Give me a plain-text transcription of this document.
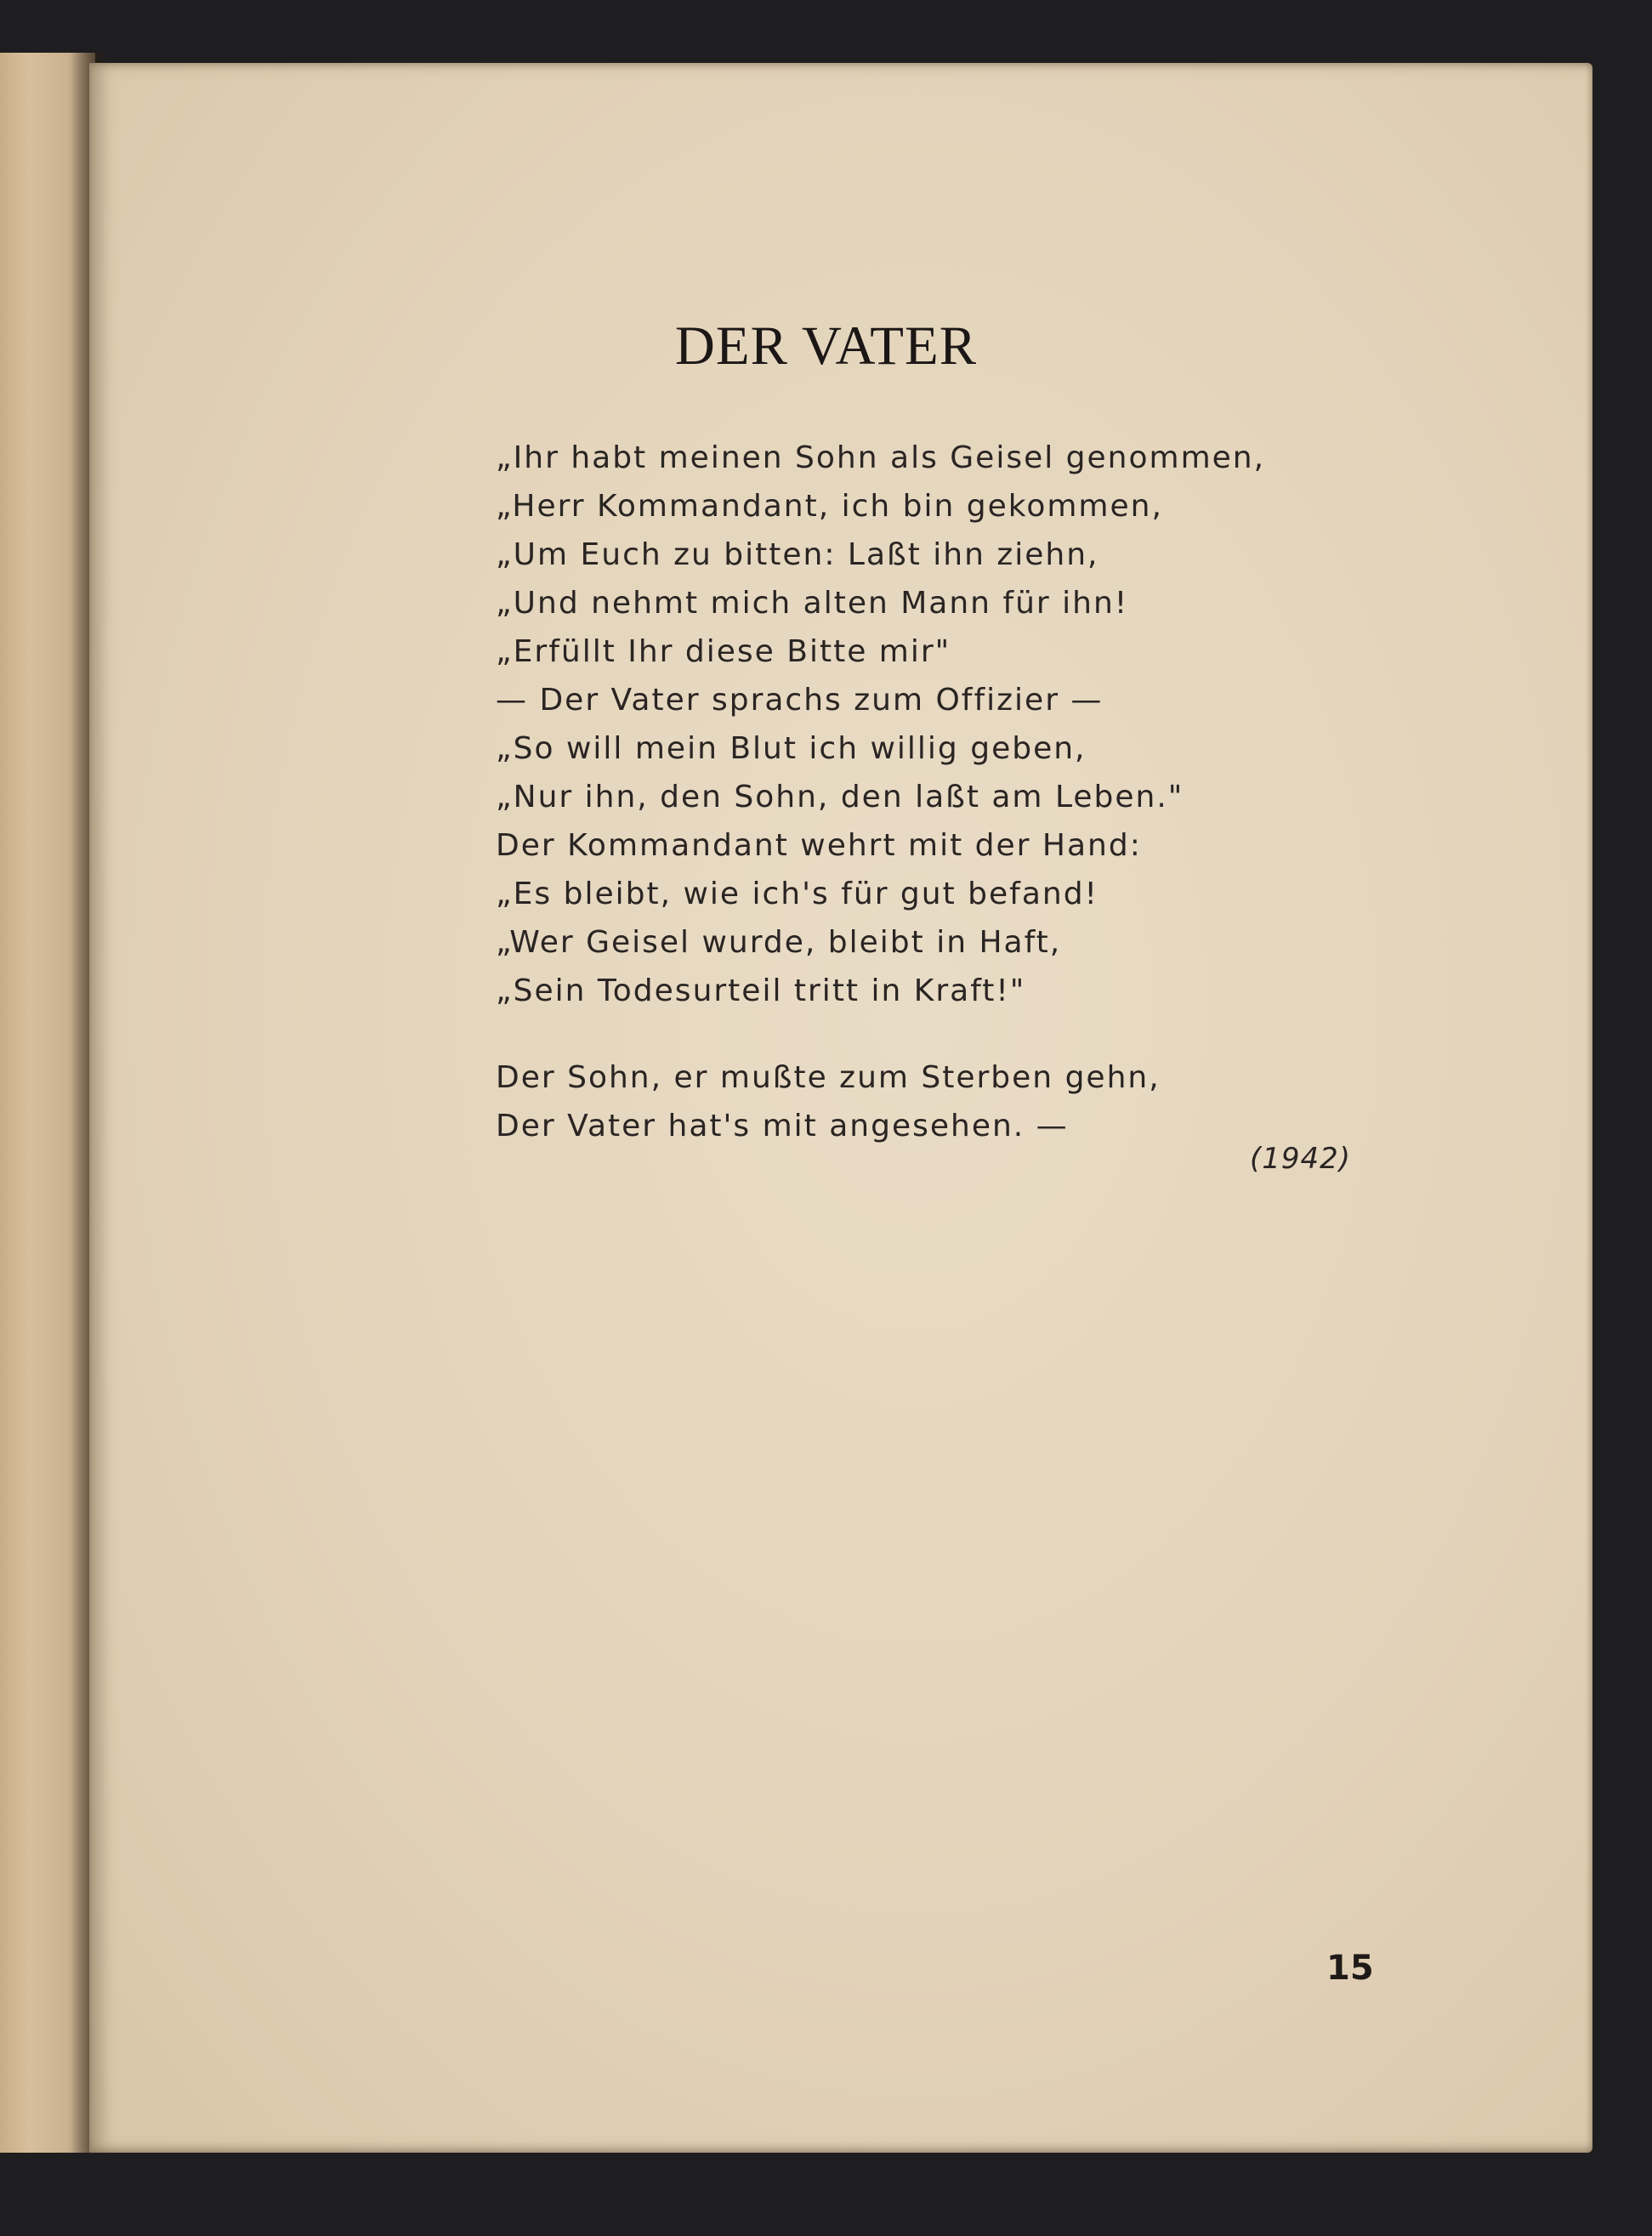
DER VATER
„Ihr habt meinen Sohn als Geisel genommen,
„Herr Kommandant, ich bin gekommen,
„Um Euch zu bitten: Laßt ihn ziehn,
„Und nehmt mich alten Mann für ihn!
„Erfüllt Ihr diese Bitte mir"
— Der Vater sprachs zum Offizier —
„So will mein Blut ich willig geben,
„Nur ihn, den Sohn, den laßt am Leben."
Der Kommandant wehrt mit der Hand:
„Es bleibt, wie ich's für gut befand!
„Wer Geisel wurde, bleibt in Haft,
„Sein Todesurteil tritt in Kraft!"
Der Sohn, er mußte zum Sterben gehn,
Der Vater hat's mit angesehen. —
(1942)
15
